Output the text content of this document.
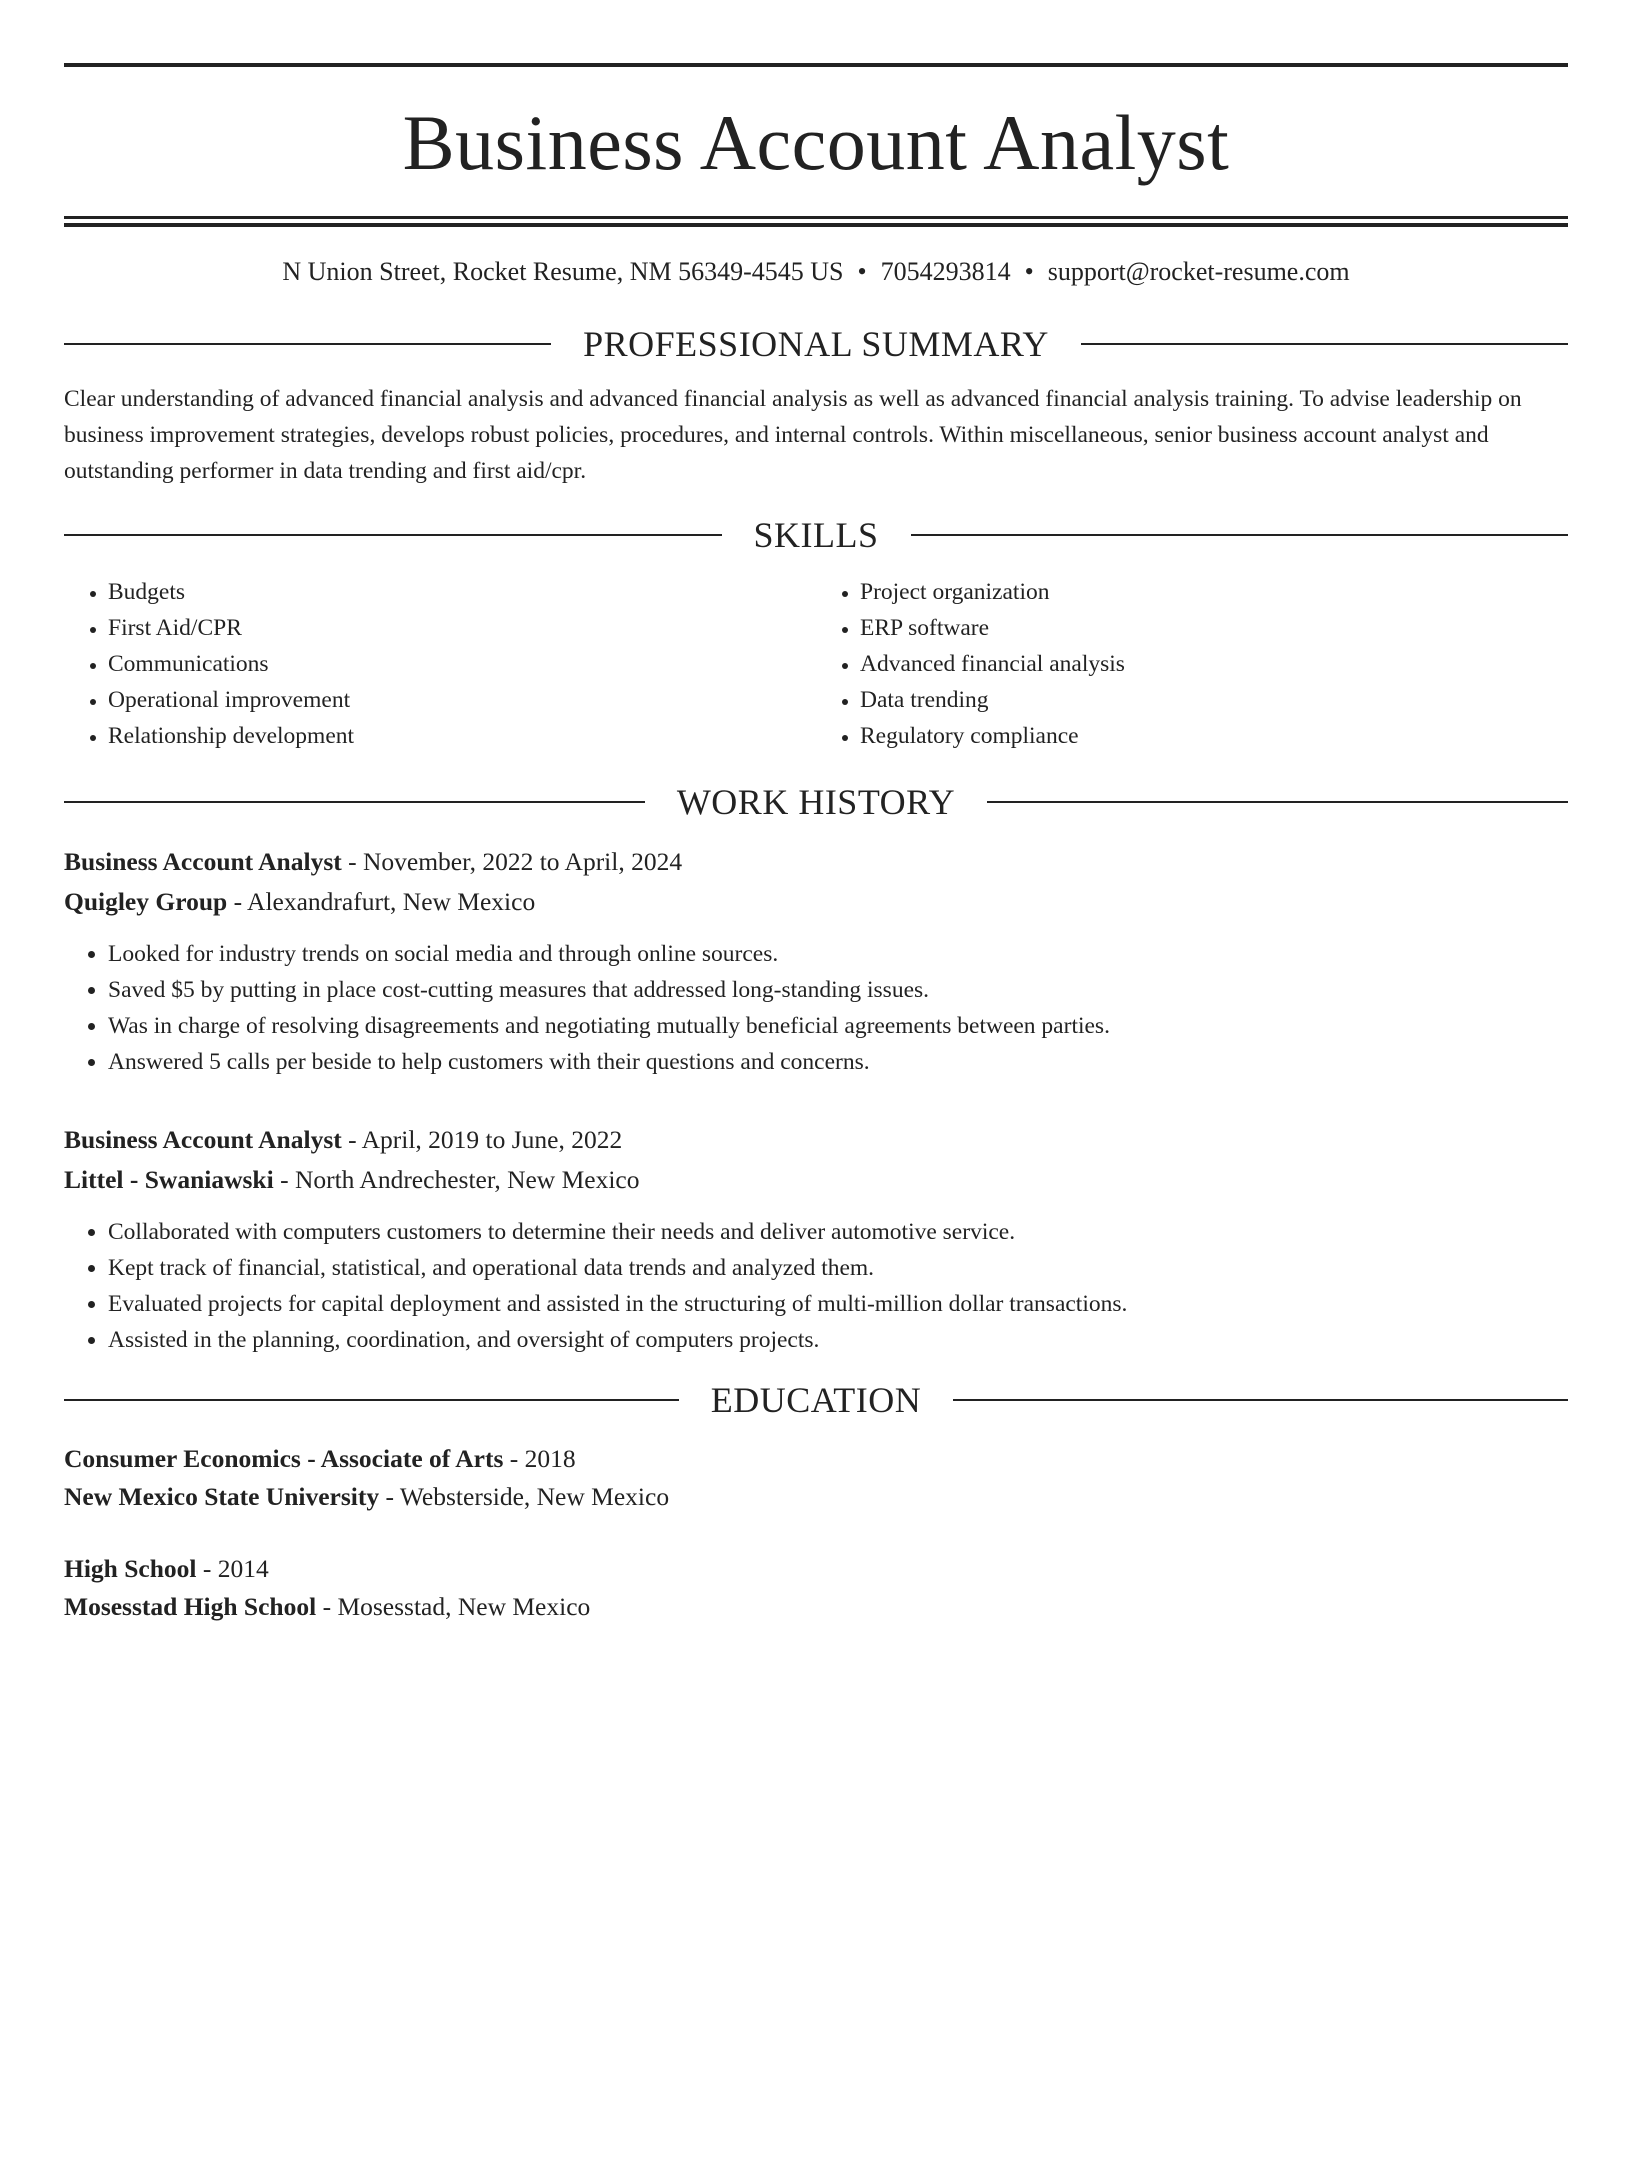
Business Account Analyst
N Union Street, Rocket Resume, NM 56349-4545 US • 7054293814 • support@rocket-resume.com
PROFESSIONAL SUMMARY
Clear understanding of advanced financial analysis and advanced financial analysis as well as advanced financial analysis training. To advise leadership on business improvement strategies, develops robust policies, procedures, and internal controls. Within miscellaneous, senior business account analyst and outstanding performer in data trending and first aid/cpr.
SKILLS
• Budgets
• First Aid/CPR
• Communications
• Operational improvement
• Relationship development
• Project organization
• ERP software
• Advanced financial analysis
• Data trending
• Regulatory compliance
WORK HISTORY
Business Account Analyst - November, 2022 to April, 2024
Quigley Group - Alexandrafurt, New Mexico
• Looked for industry trends on social media and through online sources.
• Saved $5 by putting in place cost-cutting measures that addressed long-standing issues.
• Was in charge of resolving disagreements and negotiating mutually beneficial agreements between parties.
• Answered 5 calls per beside to help customers with their questions and concerns.
Business Account Analyst - April, 2019 to June, 2022
Littel - Swaniawski - North Andrechester, New Mexico
• Collaborated with computers customers to determine their needs and deliver automotive service.
• Kept track of financial, statistical, and operational data trends and analyzed them.
• Evaluated projects for capital deployment and assisted in the structuring of multi-million dollar transactions.
• Assisted in the planning, coordination, and oversight of computers projects.
EDUCATION
Consumer Economics - Associate of Arts - 2018
New Mexico State University - Websterside, New Mexico
High School - 2014
Mosesstad High School - Mosesstad, New Mexico
